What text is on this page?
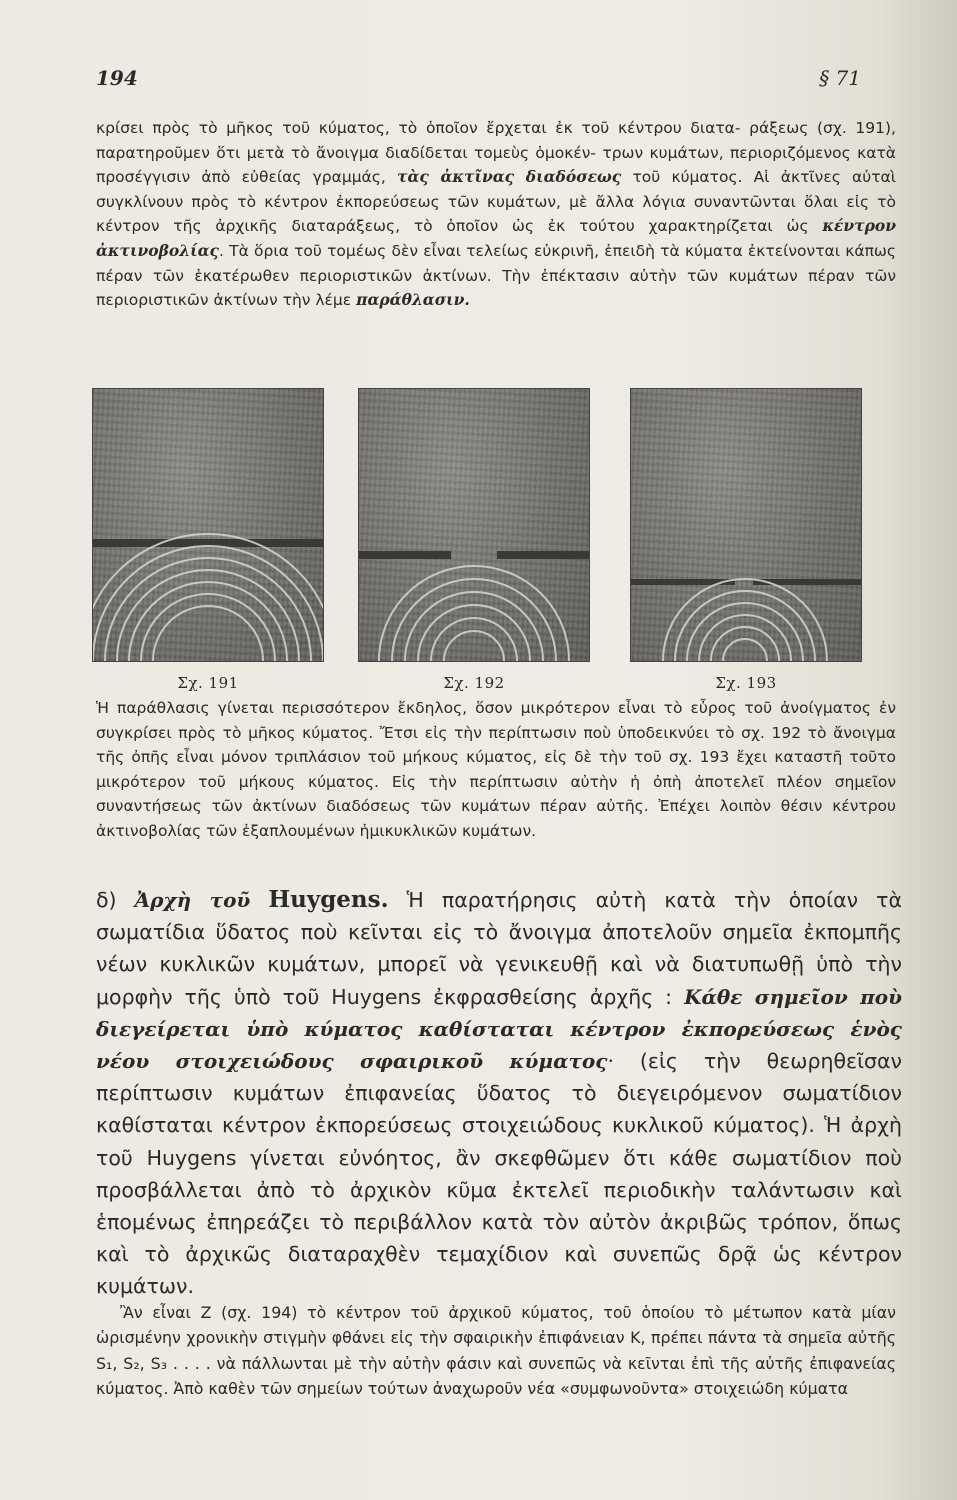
194	§ 71

κρίσει πρὸς τὸ μῆκος τοῦ κύματος, τὸ ὁποῖον ἔρχεται ἐκ τοῦ κέντρου διατα- ράξεως (σχ. 191), παρατηροῦμεν ὅτι μετὰ τὸ ἄνοιγμα διαδίδεται τομεὺς ὁμοκέν- τρων κυμάτων, περιοριζόμενος κατὰ προσέγγισιν ἀπὸ εὐθείας γραμμάς, τὰς ἀκτῖνας διαδόσεως τοῦ κύματος. Αἱ ἀκτῖνες αὐταὶ συγκλίνουν πρὸς τὸ κέντρον ἐκπορεύσεως τῶν κυμάτων, μὲ ἄλλα λόγια συναντῶνται ὅλαι εἰς τὸ κέντρον τῆς ἀρχικῆς διαταράξεως, τὸ ὁποῖον ὡς ἐκ τούτου χαρακτηρίζεται ὡς κέντρον ἀκτινοβολίας. Τὰ ὅρια τοῦ τομέως δὲν εἶναι τελείως εὐκρινῆ, ἐπειδὴ τὰ κύματα ἐκτείνονται κάπως πέραν τῶν ἑκατέρωθεν περιοριστικῶν ἀκτίνων. Τὴν ἐπέκτασιν αὐτὴν τῶν κυμάτων πέραν τῶν περιοριστικῶν ἀκτίνων τὴν λέμε παράθλασιν.

Σχ. 191	Σχ. 192	Σχ. 193

Ἡ παράθλασις γίνεται περισσότερον ἔκδηλος, ὅσον μικρότερον εἶναι τὸ εὖρος τοῦ ἀνοίγματος ἐν συγκρίσει πρὸς τὸ μῆκος κύματος. Ἔτσι εἰς τὴν περίπτωσιν ποὺ ὑποδεικνύει τὸ σχ. 192 τὸ ἄνοιγμα τῆς ὀπῆς εἶναι μόνον τριπλάσιον τοῦ μήκους κύματος, εἰς δὲ τὴν τοῦ σχ. 193 ἔχει καταστῆ τοῦτο μικρότερον τοῦ μήκους κύματος. Εἰς τὴν περίπτωσιν αὐτὴν ἡ ὀπὴ ἀποτελεῖ πλέον σημεῖον συναντήσεως τῶν ἀκτίνων διαδόσεως τῶν κυμάτων πέραν αὐτῆς. Ἐπέχει λοιπὸν θέσιν κέντρου ἀκτινοβολίας τῶν ἐξαπλουμένων ἡμικυκλικῶν κυμάτων.

δ) Ἀρχὴ τοῦ Huygens. Ἡ παρατήρησις αὐτὴ κατὰ τὴν ὁποίαν τὰ σωματίδια ὕδατος ποὺ κεῖνται εἰς τὸ ἄνοιγμα ἀποτελοῦν σημεῖα ἐκπομπῆς νέων κυκλικῶν κυμάτων, μπορεῖ νὰ γενικευθῇ καὶ νὰ διατυπωθῇ ὑπὸ τὴν μορφὴν τῆς ὑπὸ τοῦ Huygens ἐκφρασθείσης ἀρχῆς : Κάθε σημεῖον ποὺ διεγείρεται ὑπὸ κύματος καθίσταται κέντρον ἐκπορεύσεως ἑνὸς νέου στοιχειώδους σφαιρικοῦ κύματος· (εἰς τὴν θεωρηθεῖσαν περίπτωσιν κυμάτων ἐπιφανείας ὕδατος τὸ διεγειρόμενον σωματίδιον καθίσταται κέντρον ἐκπορεύσεως στοιχειώδους κυκλικοῦ κύματος). Ἡ ἀρχὴ τοῦ Huygens γίνεται εὐνόητος, ἂν σκεφθῶμεν ὅτι κάθε σωματίδιον ποὺ προσβάλλεται ἀπὸ τὸ ἀρχικὸν κῦμα ἐκτελεῖ περιοδικὴν ταλάντωσιν καὶ ἑπομένως ἐπηρεάζει τὸ περιβάλλον κατὰ τὸν αὐτὸν ἀκριβῶς τρόπον, ὅπως καὶ τὸ ἀρχικῶς διαταραχθὲν τεμαχίδιον καὶ συνεπῶς δρᾷ ὡς κέντρον κυμάτων.

Ἂν εἶναι Ζ (σχ. 194) τὸ κέντρον τοῦ ἀρχικοῦ κύματος, τοῦ ὁποίου τὸ μέτωπον κατὰ μίαν ὡρισμένην χρονικὴν στιγμὴν φθάνει εἰς τὴν σφαιρικὴν ἐπιφάνειαν Κ, πρέπει πάντα τὰ σημεῖα αὐτῆς S₁, S₂, S₃ . . . . νὰ πάλλωνται μὲ τὴν αὐτὴν φάσιν καὶ συνεπῶς νὰ κεῖνται ἐπὶ τῆς αὐτῆς ἐπιφανείας κύματος. Ἀπὸ καθὲν τῶν σημείων τούτων ἀναχωροῦν νέα «συμφωνοῦντα» στοιχειώδη κύματα
